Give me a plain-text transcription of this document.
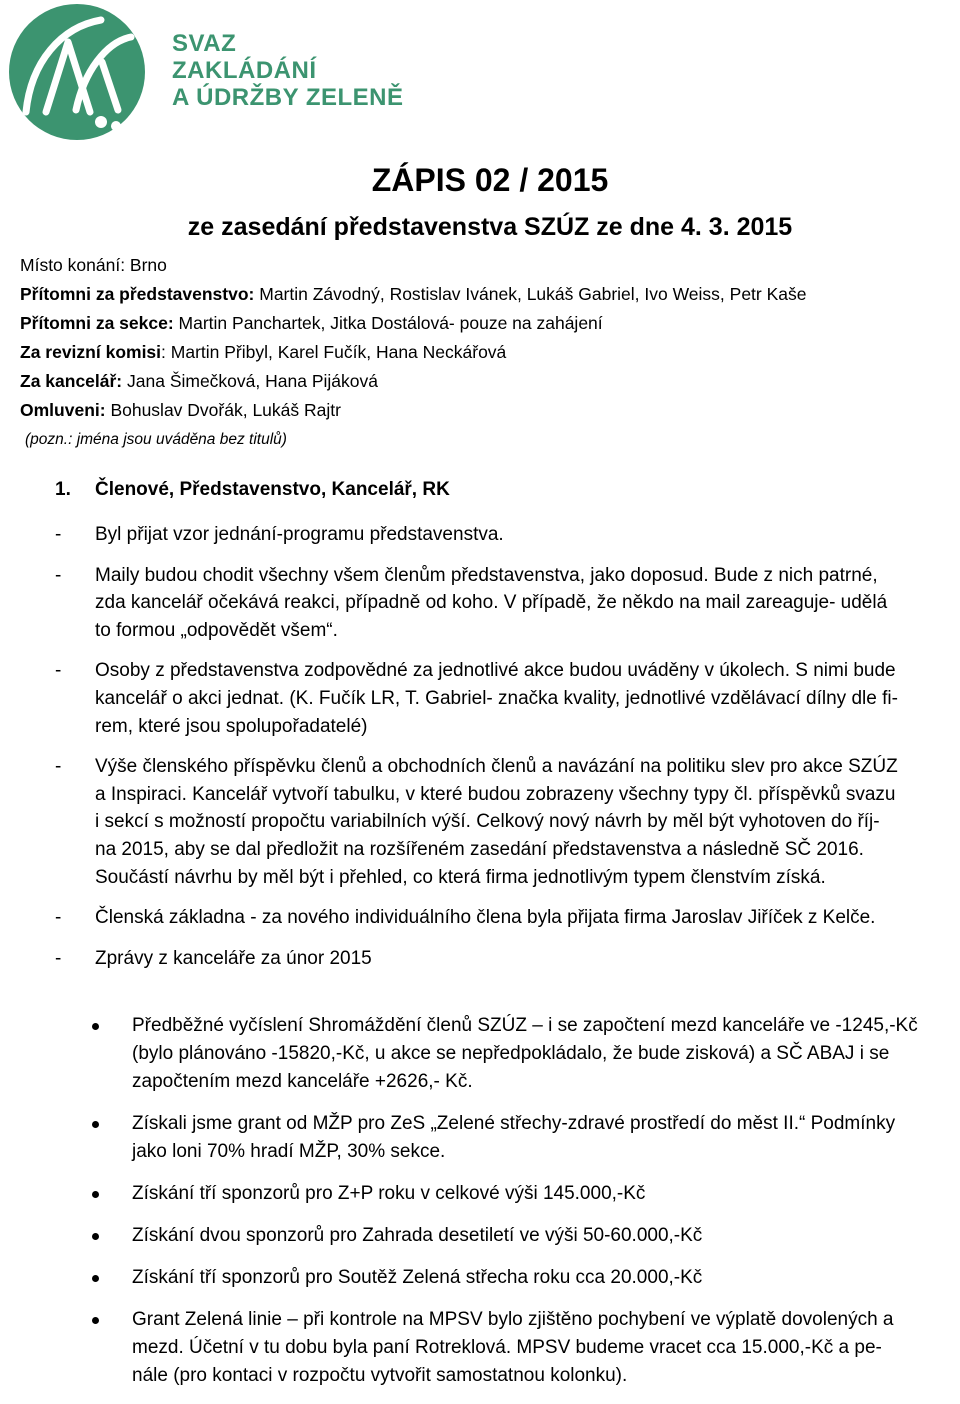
SVAZ
ZAKLÁDÁNÍ
A ÚDRŽBY ZELENĚ
ZÁPIS 02 / 2015
ze zasedání představenstva SZÚZ ze dne 4. 3. 2015
Místo konání: Brno
Přítomni za představenstvo: Martin Závodný, Rostislav Ivánek, Lukáš Gabriel, Ivo Weiss, Petr Kaše
Přítomni za sekce: Martin Panchartek, Jitka Dostálová- pouze na zahájení
Za revizní komisi: Martin Přibyl, Karel Fučík, Hana Neckářová
Za kancelář: Jana Šimečková, Hana Pijáková
Omluveni: Bohuslav Dvořák, Lukáš Rajtr
(pozn.: jména jsou uváděna bez titulů)
1. Členové, Představenstvo, Kancelář, RK
- Byl přijat vzor jednání-programu představenstva.
- Maily budou chodit všechny všem členům představenstva, jako doposud. Bude z nich patrné,
zda kancelář očekává reakci, případně od koho. V případě, že někdo na mail zareaguje- udělá
to formou „odpovědět všem“.
- Osoby z představenstva zodpovědné za jednotlivé akce budou uváděny v úkolech. S nimi bude
kancelář o akci jednat. (K. Fučík LR, T. Gabriel- značka kvality, jednotlivé vzdělávací dílny dle fi-
rem, které jsou spolupořadatelé)
- Výše členského příspěvku členů a obchodních členů a navázání na politiku slev pro akce SZÚZ
a Inspiraci. Kancelář vytvoří tabulku, v které budou zobrazeny všechny typy čl. příspěvků svazu
i sekcí s možností propočtu variabilních výší. Celkový nový návrh by měl být vyhotoven do říj-
na 2015, aby se dal předložit na rozšířeném zasedání představenstva a následně SČ 2016.
Součástí návrhu by měl být i přehled, co která firma jednotlivým typem členstvím získá.
- Členská základna - za nového individuálního člena byla přijata firma Jaroslav Jiříček z Kelče.
- Zprávy z kanceláře za únor 2015
Předběžné vyčíslení Shromáždění členů SZÚZ – i se započtení mezd kanceláře ve -1245,-Kč
(bylo plánováno -15820,-Kč, u akce se nepředpokládalo, že bude zisková) a SČ ABAJ i se
započtením mezd kanceláře +2626,- Kč.
Získali jsme grant od MŽP pro ZeS „Zelené střechy-zdravé prostředí do měst II.“ Podmínky
jako loni 70% hradí MŽP, 30% sekce.
Získání tří sponzorů pro Z+P roku v celkové výši 145.000,-Kč
Získání dvou sponzorů pro Zahrada desetiletí ve výši 50-60.000,-Kč
Získání tří sponzorů pro Soutěž Zelená střecha roku cca 20.000,-Kč
Grant Zelená linie – při kontrole na MPSV bylo zjištěno pochybení ve výplatě dovolených a
mezd. Účetní v tu dobu byla paní Rotreklová. MPSV budeme vracet cca 15.000,-Kč a pe-
nále (pro kontaci v rozpočtu vytvořit samostatnou kolonku).
